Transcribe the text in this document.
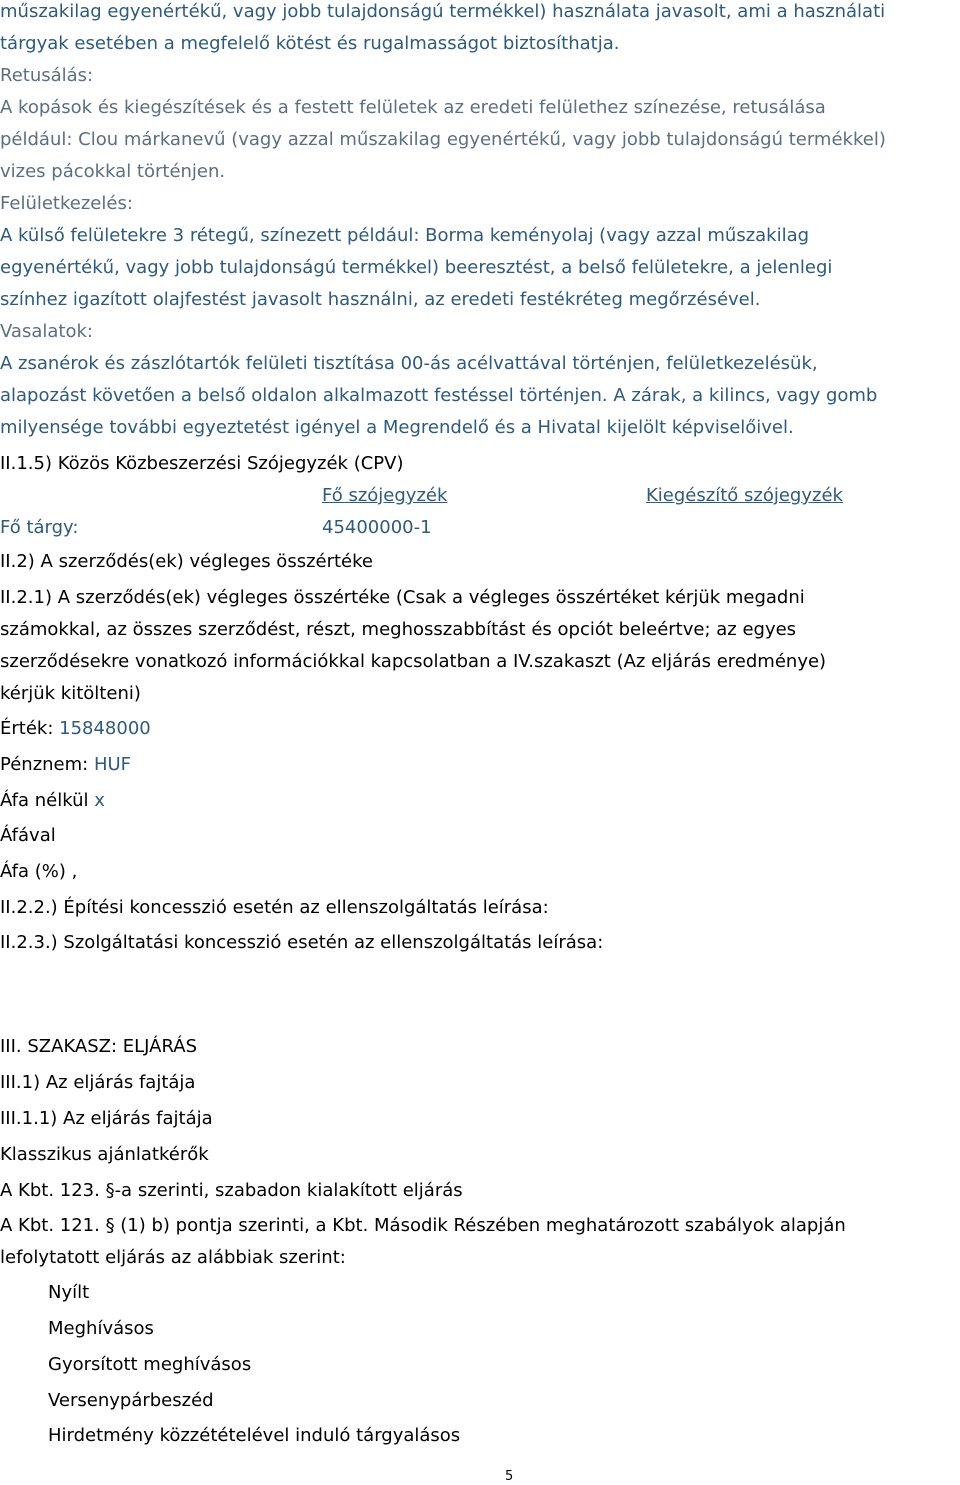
műszakilag egyenértékű, vagy jobb tulajdonságú termékkel) használata javasolt, ami a használati
tárgyak esetében a megfelelő kötést és rugalmasságot biztosíthatja.
Retusálás:
A kopások és kiegészítések és a festett felületek az eredeti felülethez színezése, retusálása
például: Clou márkanevű (vagy azzal műszakilag egyenértékű, vagy jobb tulajdonságú termékkel)
vizes pácokkal történjen.
Felületkezelés:
A külső felületekre 3 rétegű, színezett például: Borma keményolaj (vagy azzal műszakilag
egyenértékű, vagy jobb tulajdonságú termékkel) beeresztést, a belső felületekre, a jelenlegi
színhez igazított olajfestést javasolt használni, az eredeti festékréteg megőrzésével.
Vasalatok:
A zsanérok és zászlótartók felületi tisztítása 00-ás acélvattával történjen, felületkezelésük,
alapozást követően a belső oldalon alkalmazott festéssel történjen. A zárak, a kilincs, vagy gomb
milyensége további egyeztetést igényel a Megrendelő és a Hivatal kijelölt képviselőivel.
II.1.5) Közös Közbeszerzési Szójegyzék (CPV)
Fő szójegyzék	Kiegészítő szójegyzék
Fő tárgy:	45400000-1
II.2) A szerződés(ek) végleges összértéke
II.2.1) A szerződés(ek) végleges összértéke (Csak a végleges összértéket kérjük megadni
számokkal, az összes szerződést, részt, meghosszabbítást és opciót beleértve; az egyes
szerződésekre vonatkozó információkkal kapcsolatban a IV.szakaszt (Az eljárás eredménye)
kérjük kitölteni)
Érték: 15848000
Pénznem: HUF
Áfa nélkül x
Áfával
Áfa (%) ,
II.2.2.) Építési koncesszió esetén az ellenszolgáltatás leírása:
II.2.3.) Szolgáltatási koncesszió esetén az ellenszolgáltatás leírása:
III. SZAKASZ: ELJÁRÁS
III.1) Az eljárás fajtája
III.1.1) Az eljárás fajtája
Klasszikus ajánlatkérők
A Kbt. 123. §-a szerinti, szabadon kialakított eljárás
A Kbt. 121. § (1) b) pontja szerinti, a Kbt. Második Részében meghatározott szabályok alapján
lefolytatott eljárás az alábbiak szerint:
Nyílt
Meghívásos
Gyorsított meghívásos
Versenypárbeszéd
Hirdetmény közzétételével induló tárgyalásos
5
